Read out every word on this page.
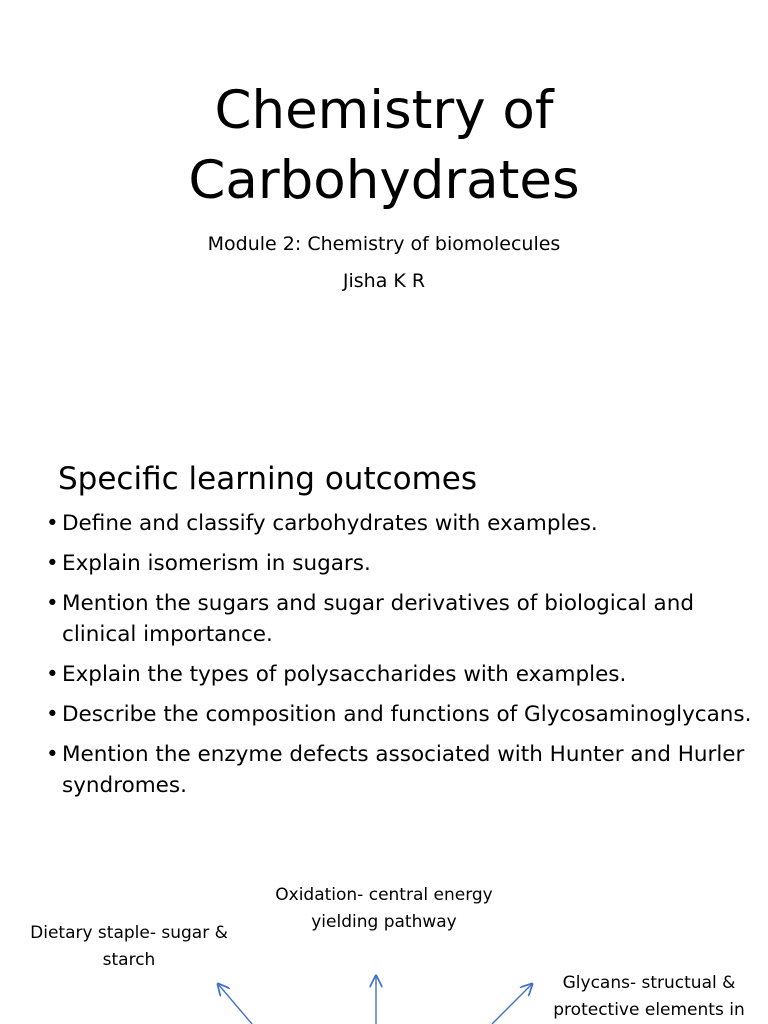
Chemistry of
Carbohydrates
Module 2: Chemistry of biomolecules
Jisha K R
Specific learning outcomes
• Define and classify carbohydrates with examples.
• Explain isomerism in sugars.
• Mention the sugars and sugar derivatives of biological and clinical importance.
• Explain the types of polysaccharides with examples.
• Describe the composition and functions of Glycosaminoglycans.
• Mention the enzyme defects associated with Hunter and Hurler syndromes.

Oxidation- central energy yielding pathway

Dietary staple- sugar & starch

Glycans- structual & protective elements in
